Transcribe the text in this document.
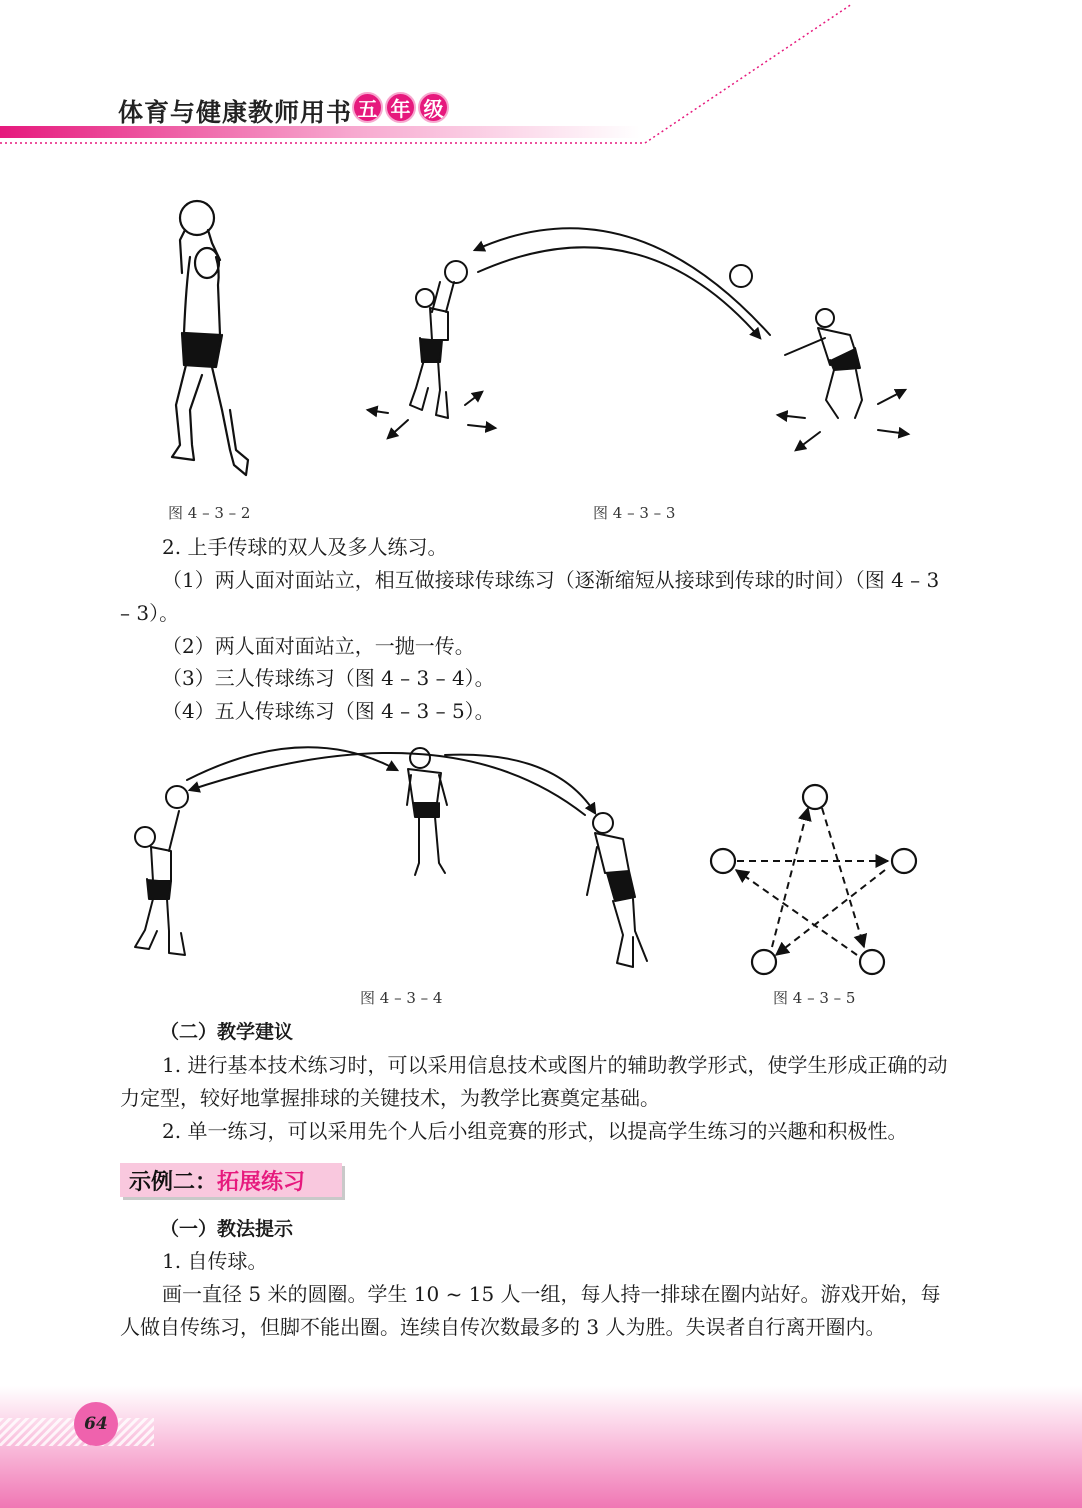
体育与健康教师用书 五 年 级
图 4 – 3 – 2	图 4 – 3 – 3
2. 上手传球的双人及多人练习。
（1）两人面对面站立，相互做接球传球练习（逐渐缩短从接球到传球的时间）（图 4 – 3 – 3）。
（2）两人面对面站立，一抛一传。
（3）三人传球练习（图 4 – 3 – 4）。
（4）五人传球练习（图 4 – 3 – 5）。
图 4 – 3 – 4	图 4 – 3 – 5
（二）教学建议
1. 进行基本技术练习时，可以采用信息技术或图片的辅助教学形式，使学生形成正确的动力定型，较好地掌握排球的关键技术，为教学比赛奠定基础。
2. 单一练习，可以采用先个人后小组竞赛的形式，以提高学生练习的兴趣和积极性。
示例二： 拓展练习
（一）教法提示
1. 自传球。
画一直径 5 米的圆圈。学生 10 ~ 15 人一组，每人持一排球在圈内站好。游戏开始，每人做自传练习，但脚不能出圈。连续自传次数最多的 3 人为胜。失误者自行离开圈内。
64
